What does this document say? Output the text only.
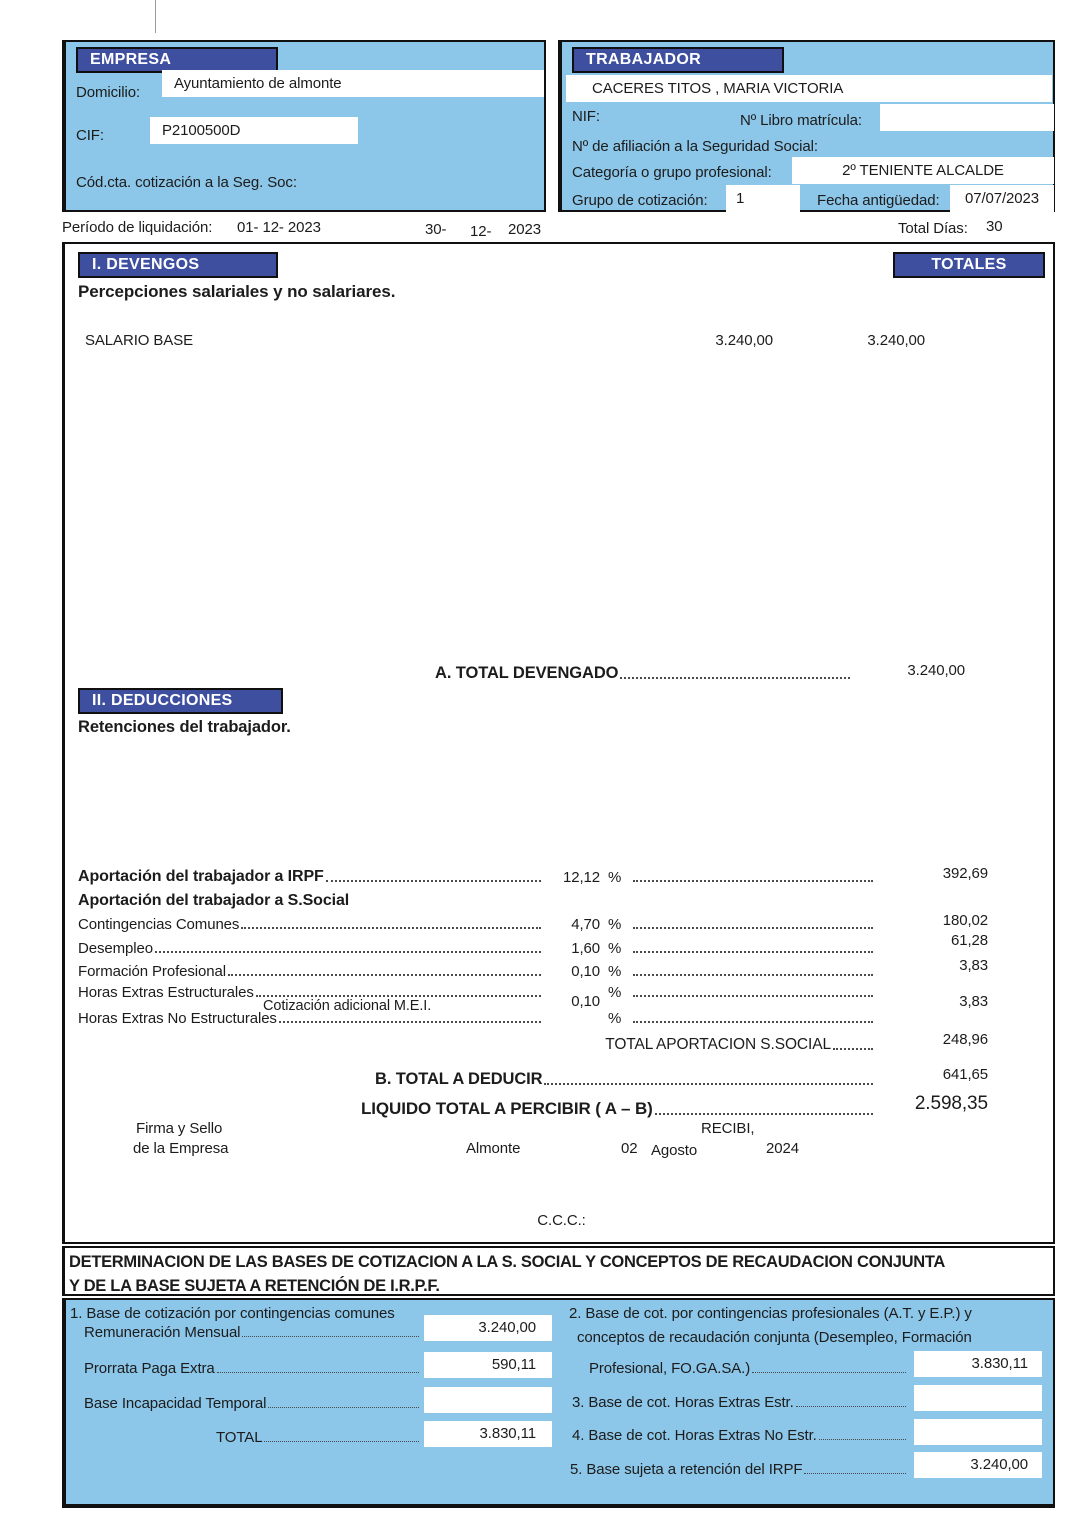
EMPRESA
Domicilio:
Ayuntamiento de almonte
CIF:	P2100500D
Cód.cta. cotización a la Seg. Soc:
TRABAJADOR
CACERES TITOS , MARIA VICTORIA
NIF:	Nº Libro matrícula:
Nº de afiliación a la Seguridad Social:
Categoría o grupo profesional:	2º TENIENTE ALCALDE
Grupo de cotización:	1	Fecha antigüedad:	07/07/2023
Período de liquidación: 01- 12- 2023	30- 12- 2023	Total Días: 30
I. DEVENGOS	TOTALES
Percepciones salariales y no salariares.
SALARIO BASE	3.240,00	3.240,00
A. TOTAL DEVENGADO	3.240,00
II. DEDUCCIONES
Retenciones del trabajador.
Aportación del trabajador a IRPF	12,12 %	392,69
Aportación del trabajador a S.Social
Contingencias Comunes	4,70 %	180,02
Desempleo	1,60 %	61,28
Formación Profesional	0,10 %	3,83
Horas Extras Estructurales	%
Cotización adicional M.E.I.	0,10	3,83
Horas Extras No Estructurales	%
TOTAL APORTACION S.SOCIAL	248,96
B. TOTAL A DEDUCIR	641,65
LIQUIDO TOTAL A PERCIBIR ( A – B)	2.598,35
Firma y Sello
de la Empresa
RECIBI,
Almonte	02 Agosto	2024
C.C.C.:
DETERMINACION DE LAS BASES DE COTIZACION A LA S. SOCIAL Y CONCEPTOS DE RECAUDACION CONJUNTA
Y DE LA BASE SUJETA A RETENCIÓN DE I.R.P.F.
1. Base de cotización por contingencias comunes
Remuneración Mensual	3.240,00
Prorrata Paga Extra	590,11
Base Incapacidad Temporal
TOTAL	3.830,11
2. Base de cot. por contingencias profesionales (A.T. y E.P.) y
conceptos de recaudación conjunta (Desempleo, Formación
Profesional, FO.GA.SA.)	3.830,11
3. Base de cot. Horas Extras Estr.
4. Base de cot. Horas Extras No Estr.
5. Base sujeta a retención del IRPF	3.240,00
